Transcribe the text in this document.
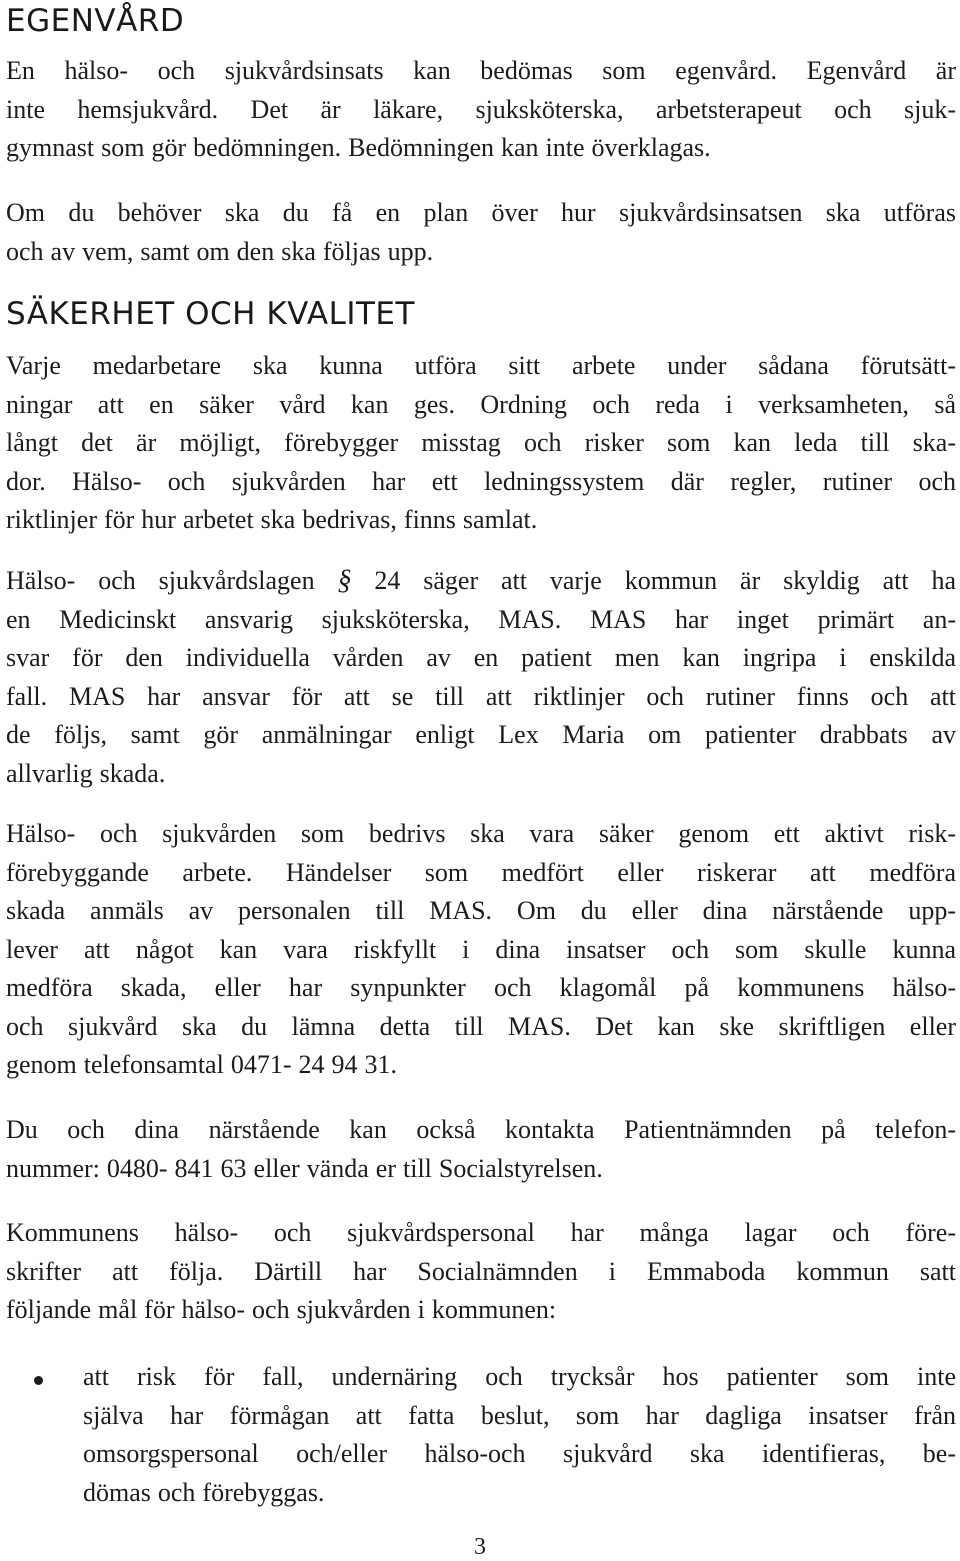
EGENVÅRD

En hälso- och sjukvårdsinsats kan bedömas som egenvård. Egenvård är
inte hemsjukvård. Det är läkare, sjuksköterska, arbetsterapeut och sjuk-
gymnast som gör bedömningen. Bedömningen kan inte överklagas.

Om du behöver ska du få en plan över hur sjukvårdsinsatsen ska utföras
och av vem, samt om den ska följas upp.

SÄKERHET OCH KVALITET

Varje medarbetare ska kunna utföra sitt arbete under sådana förutsätt-
ningar att en säker vård kan ges. Ordning och reda i verksamheten, så
långt det är möjligt, förebygger misstag och risker som kan leda till ska-
dor. Hälso- och sjukvården har ett ledningssystem där regler, rutiner och
riktlinjer för hur arbetet ska bedrivas, finns samlat.

Hälso- och sjukvårdslagen § 24 säger att varje kommun är skyldig att ha
en Medicinskt ansvarig sjuksköterska, MAS. MAS har inget primärt an-
svar för den individuella vården av en patient men kan ingripa i enskilda
fall. MAS har ansvar för att se till att riktlinjer och rutiner finns och att
de följs, samt gör anmälningar enligt Lex Maria om patienter drabbats av
allvarlig skada.

Hälso- och sjukvården som bedrivs ska vara säker genom ett aktivt risk-
förebyggande arbete. Händelser som medfört eller riskerar att medföra
skada anmäls av personalen till MAS. Om du eller dina närstående upp-
lever att något kan vara riskfyllt i dina insatser och som skulle kunna
medföra skada, eller har synpunkter och klagomål på kommunens hälso-
och sjukvård ska du lämna detta till MAS. Det kan ske skriftligen eller
genom telefonsamtal 0471- 24 94 31.

Du och dina närstående kan också kontakta Patientnämnden på telefon-
nummer: 0480- 841 63 eller vända er till Socialstyrelsen.

Kommunens hälso- och sjukvårdspersonal har många lagar och före-
skrifter att följa. Därtill har Socialnämnden i Emmaboda kommun satt
följande mål för hälso- och sjukvården i kommunen:

att risk för fall, undernäring och trycksår hos patienter som inte
själva har förmågan att fatta beslut, som har dagliga insatser från
omsorgspersonal och/eller hälso-och sjukvård ska identifieras, be-
dömas och förebyggas.

3
